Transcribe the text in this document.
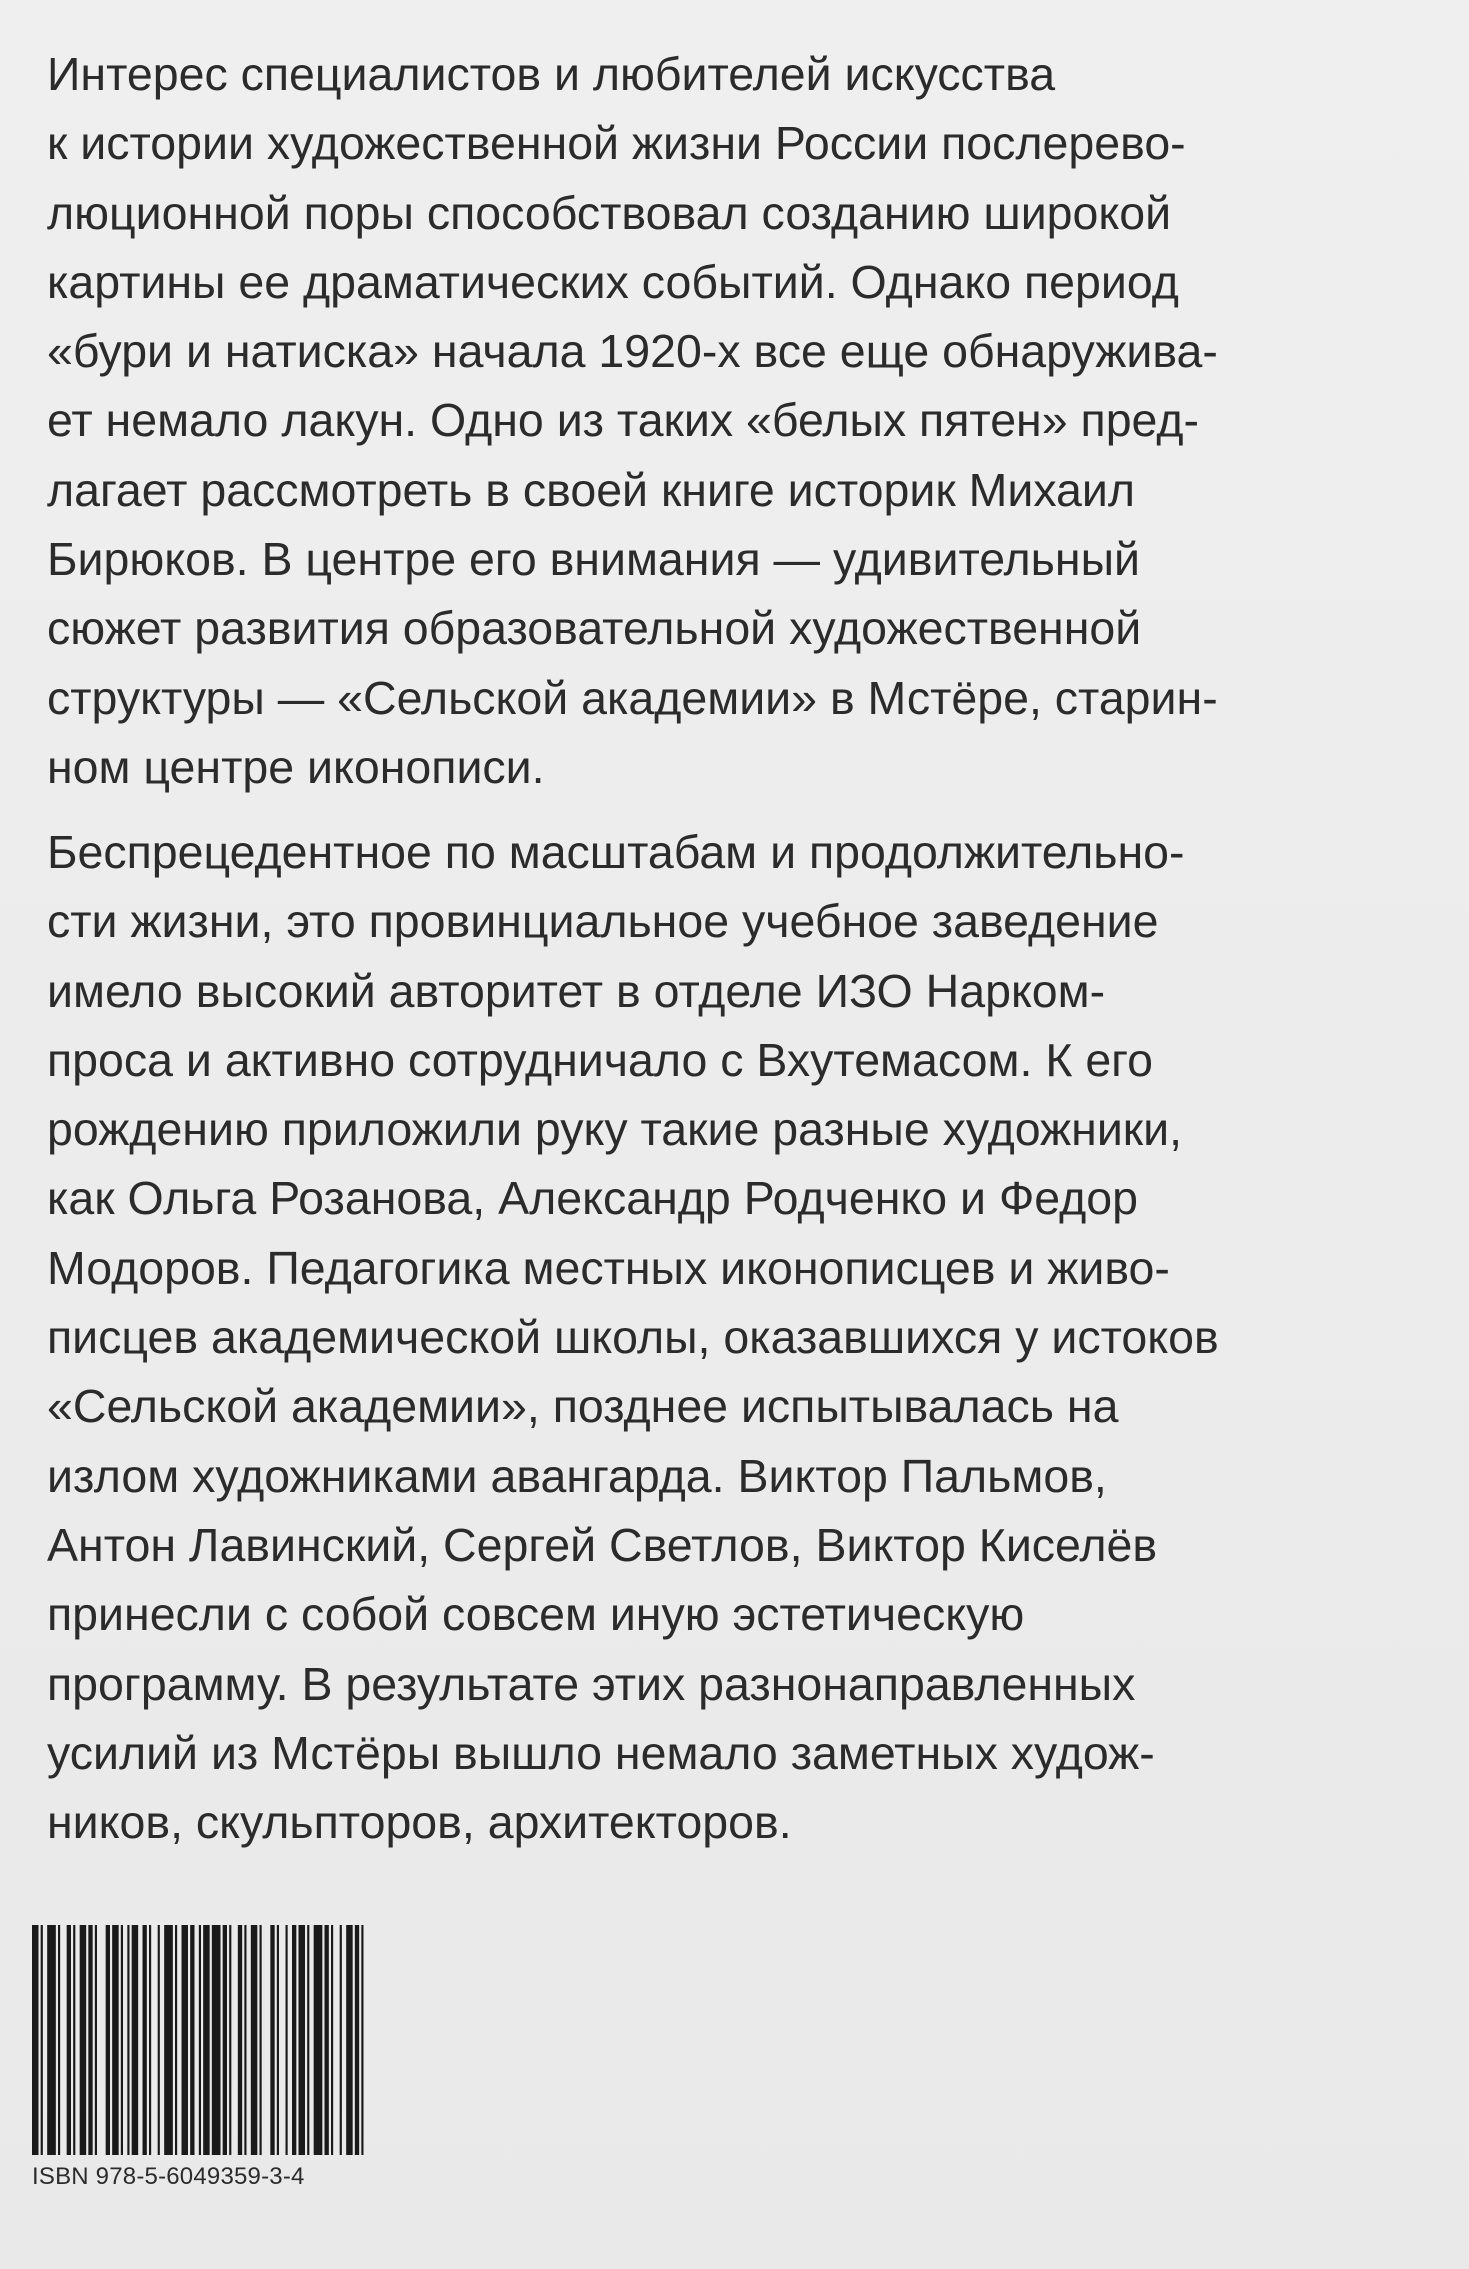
Интерес специалистов и любителей искусства
к истории художественной жизни России послерево-
люционной поры способствовал созданию широкой
картины ее драматических событий. Однако период
«бури и натиска» начала 1920-х все еще обнаружива-
ет немало лакун. Одно из таких «белых пятен» пред-
лагает рассмотреть в своей книге историк Михаил
Бирюков. В центре его внимания — удивительный
сюжет развития образовательной художественной
структуры — «Сельской академии» в Мстёре, старин-
ном центре иконописи.
Беспрецедентное по масштабам и продолжительно-
сти жизни, это провинциальное учебное заведение
имело высокий авторитет в отделе ИЗО Нарком-
проса и активно сотрудничало с Вхутемасом. К его
рождению приложили руку такие разные художники,
как Ольга Розанова, Александр Родченко и Федор
Модоров. Педагогика местных иконописцев и живо-
писцев академической школы, оказавшихся у истоков
«Сельской академии», позднее испытывалась на
излом художниками авангарда. Виктор Пальмов,
Антон Лавинский, Сергей Светлов, Виктор Киселёв
принесли с собой совсем иную эстетическую
программу. В результате этих разнонаправленных
усилий из Мстёры вышло немало заметных худож-
ников, скульпторов, архитекторов.
ISBN 978-5-6049359-3-4
